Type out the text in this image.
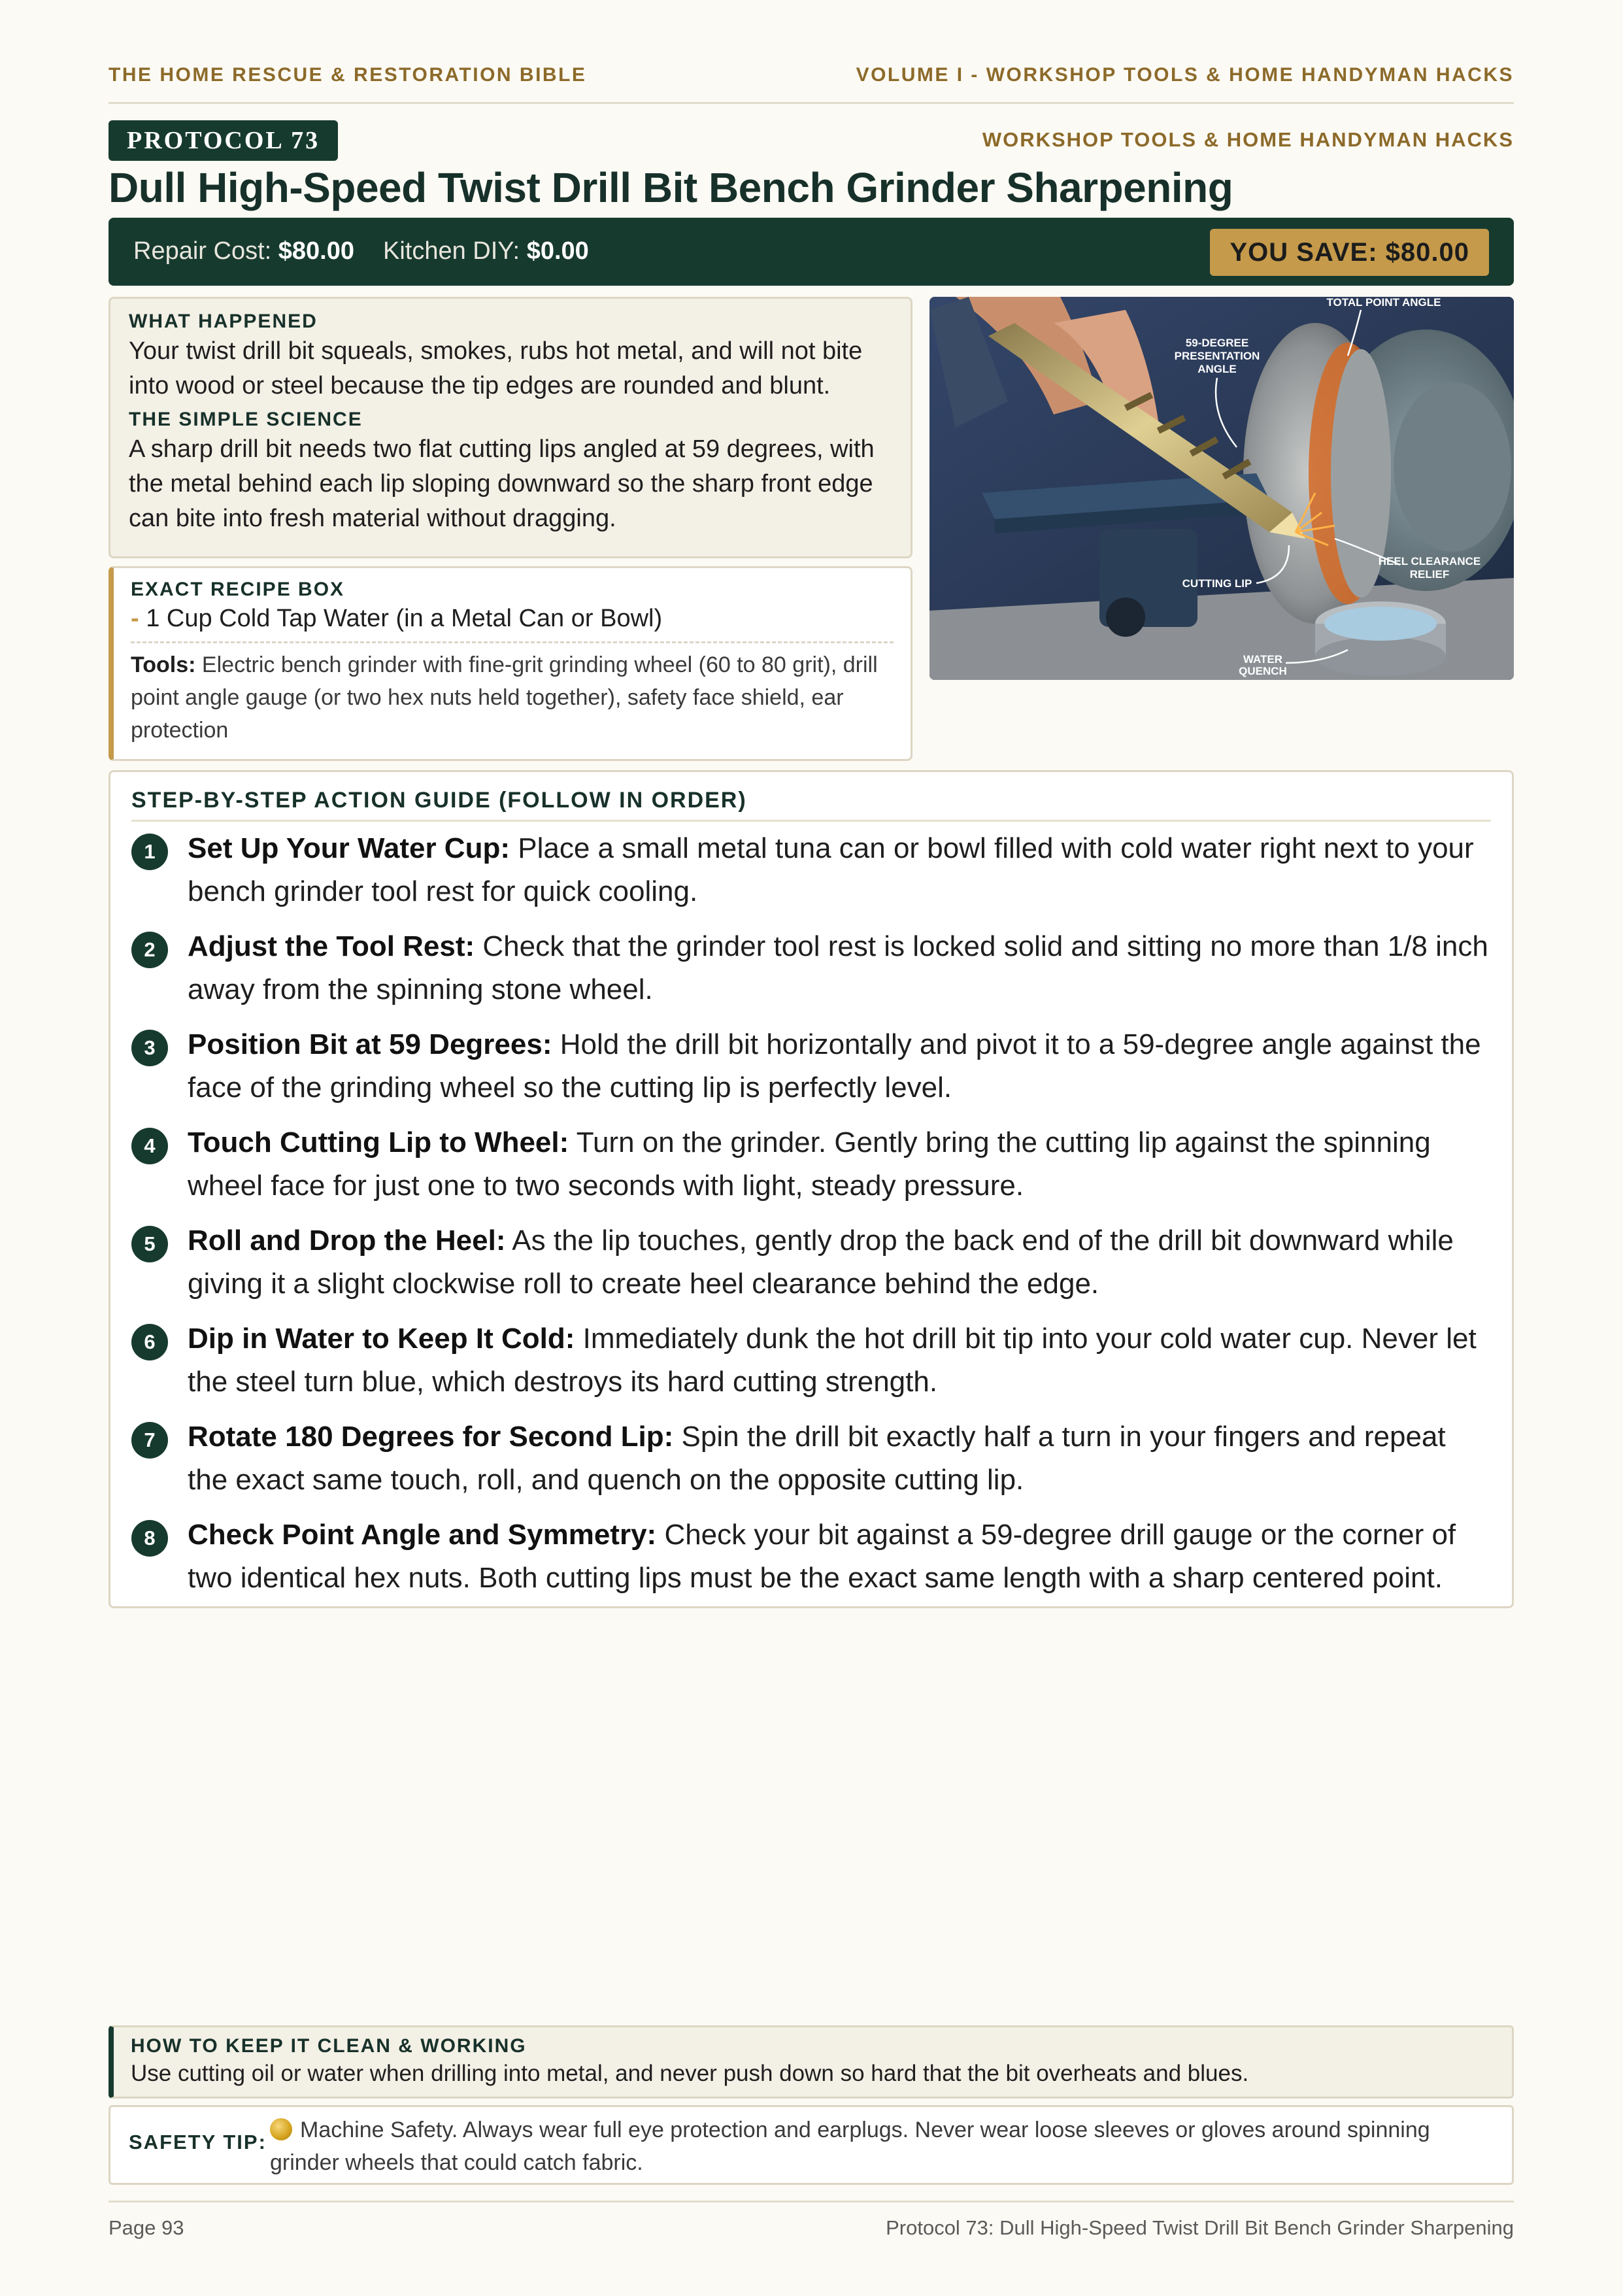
THE HOME RESCUE & RESTORATION BIBLE	VOLUME I - WORKSHOP TOOLS & HOME HANDYMAN HACKS
PROTOCOL 73	WORKSHOP TOOLS & HOME HANDYMAN HACKS
Dull High-Speed Twist Drill Bit Bench Grinder Sharpening
Repair Cost: $80.00 Kitchen DIY: $0.00	YOU SAVE: $80.00
WHAT HAPPENED

Your twist drill bit squeals, smokes, rubs hot metal, and will not bite into wood or steel because the tip edges are rounded and blunt.

THE SIMPLE SCIENCE

A sharp drill bit needs two flat cutting lips angled at 59 degrees, with the metal behind each lip sloping downward so the sharp front edge can bite into fresh material without dragging.

TOTAL POINT ANGLE
59-DEGREE
PRESENTATION
ANGLE
HEEL CLEARANCE
RELIEF
CUTTING LIP
WATER
QUENCH
EXACT RECIPE BOX
- 1 Cup Cold Tap Water (in a Metal Can or Bowl)
Tools: Electric bench grinder with fine-grit grinding wheel (60 to 80 grit), drill point angle gauge (or two hex nuts held together), safety face shield, ear protection
STEP-BY-STEP ACTION GUIDE (FOLLOW IN ORDER)
1	Set Up Your Water Cup: Place a small metal tuna can or bowl filled with cold water right next to your bench grinder tool rest for quick cooling.

2	Adjust the Tool Rest: Check that the grinder tool rest is locked solid and sitting no more than 1/8 inch away from the spinning stone wheel.

3	Position Bit at 59 Degrees: Hold the drill bit horizontally and pivot it to a 59-degree angle against the face of the grinding wheel so the cutting lip is perfectly level.

4	Touch Cutting Lip to Wheel: Turn on the grinder. Gently bring the cutting lip against the spinning wheel face for just one to two seconds with light, steady pressure.

5	Roll and Drop the Heel: As the lip touches, gently drop the back end of the drill bit downward while giving it a slight clockwise roll to create heel clearance behind the edge.

6	Dip in Water to Keep It Cold: Immediately dunk the hot drill bit tip into your cold water cup. Never let the steel turn blue, which destroys its hard cutting strength.

7	Rotate 180 Degrees for Second Lip: Spin the drill bit exactly half a turn in your fingers and repeat the exact same touch, roll, and quench on the opposite cutting lip.

8	Check Point Angle and Symmetry: Check your bit against a 59-degree drill gauge or the corner of two identical hex nuts. Both cutting lips must be the exact same length with a sharp centered point.

HOW TO KEEP IT CLEAN & WORKING

Use cutting oil or water when drilling into metal, and never push down so hard that the bit overheats and blues.

SAFETY TIP:	Machine Safety. Always wear full eye protection and earplugs. Never wear loose sleeves or gloves around spinning grinder wheels that could catch fabric.

Page 93	Protocol 73: Dull High-Speed Twist Drill Bit Bench Grinder Sharpening
